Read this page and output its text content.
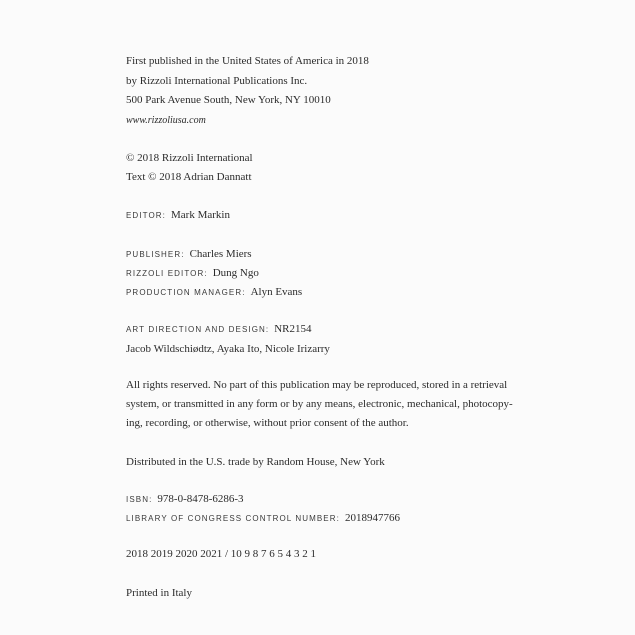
First published in the United States of America in 2018

by Rizzoli International Publications Inc.

500 Park Avenue South, New York, NY 10010

www.rizzoliusa.com

© 2018 Rizzoli International

Text © 2018 Adrian Dannatt

EDITOR: Mark Markin

PUBLISHER: Charles Miers

RIZZOLI EDITOR: Dung Ngo

PRODUCTION MANAGER: Alyn Evans

ART DIRECTION AND DESIGN: NR2154

Jacob Wildschiødtz, Ayaka Ito, Nicole Irizarry

All rights reserved. No part of this publication may be reproduced, stored in a retrieval

system, or transmitted in any form or by any means, electronic, mechanical, photocopy-

ing, recording, or otherwise, without prior consent of the author.

Distributed in the U.S. trade by Random House, New York

ISBN: 978-0-8478-6286-3

LIBRARY OF CONGRESS CONTROL NUMBER: 2018947766

2018 2019 2020 2021 / 10 9 8 7 6 5 4 3 2 1

Printed in Italy
